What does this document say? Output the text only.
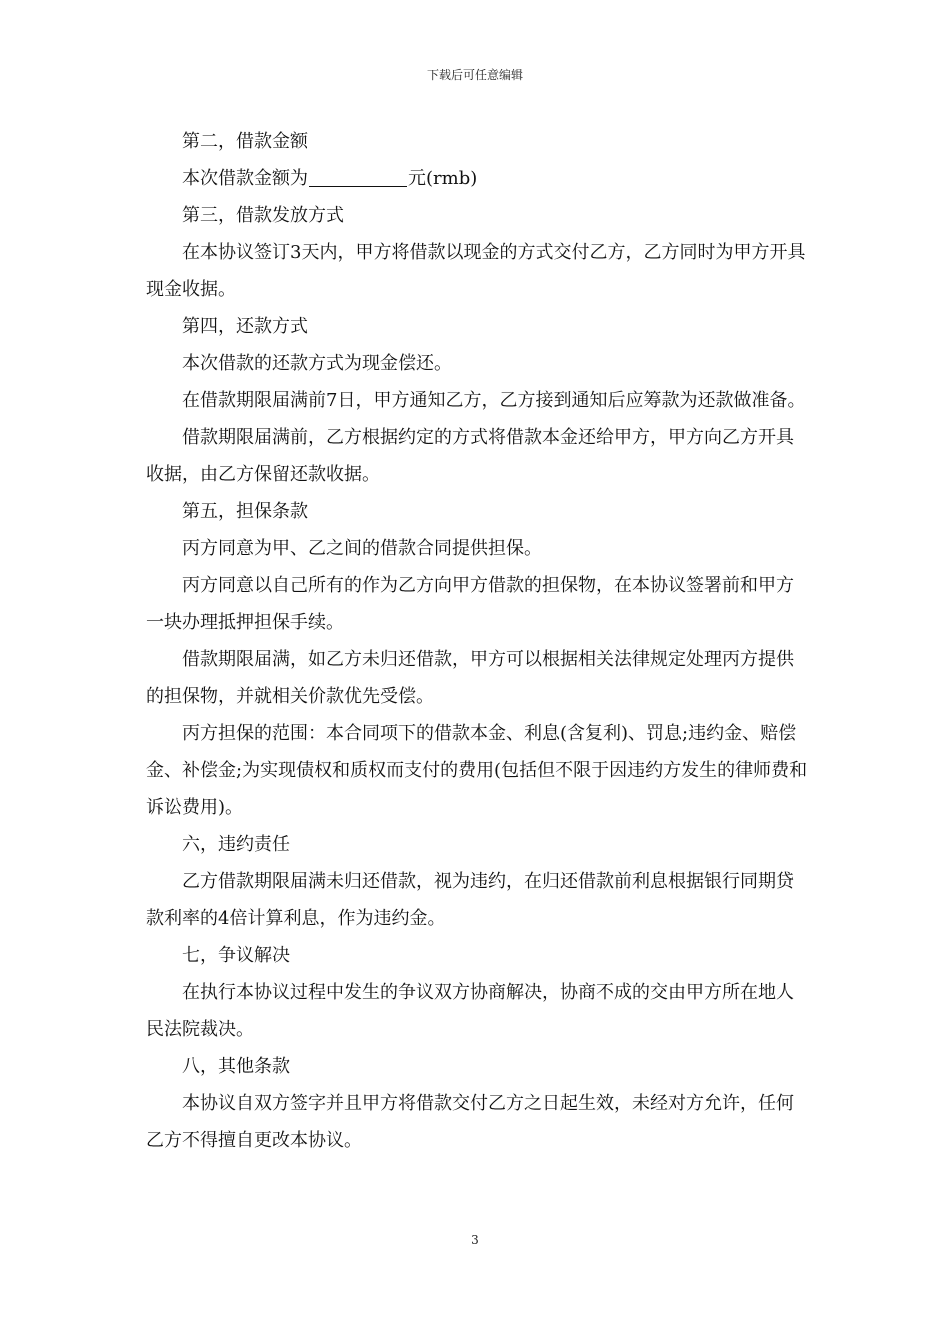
下载后可任意编辑

第二，借款金额

本次借款金额为	元(rmb)

第三，借款发放方式

在本协议签订3天内，甲方将借款以现金的方式交付乙方，乙方同时为甲方开具现金收据。

第四，还款方式

本次借款的还款方式为现金偿还。

在借款期限届满前7日，甲方通知乙方，乙方接到通知后应筹款为还款做准备。

借款期限届满前，乙方根据约定的方式将借款本金还给甲方，甲方向乙方开具收据，由乙方保留还款收据。

第五，担保条款

丙方同意为甲、乙之间的借款合同提供担保。

丙方同意以自己所有的作为乙方向甲方借款的担保物，在本协议签署前和甲方一块办理抵押担保手续。

借款期限届满，如乙方未归还借款，甲方可以根据相关法律规定处理丙方提供的担保物，并就相关价款优先受偿。

丙方担保的范围：本合同项下的借款本金、利息(含复利)、罚息;违约金、赔偿金、补偿金;为实现债权和质权而支付的费用(包括但不限于因违约方发生的律师费和诉讼费用)。

六，违约责任

乙方借款期限届满未归还借款，视为违约，在归还借款前利息根据银行同期贷款利率的4倍计算利息，作为违约金。

七，争议解决

在执行本协议过程中发生的争议双方协商解决，协商不成的交由甲方所在地人民法院裁决。

八，其他条款

本协议自双方签字并且甲方将借款交付乙方之日起生效，未经对方允许，任何乙方不得擅自更改本协议。

3
